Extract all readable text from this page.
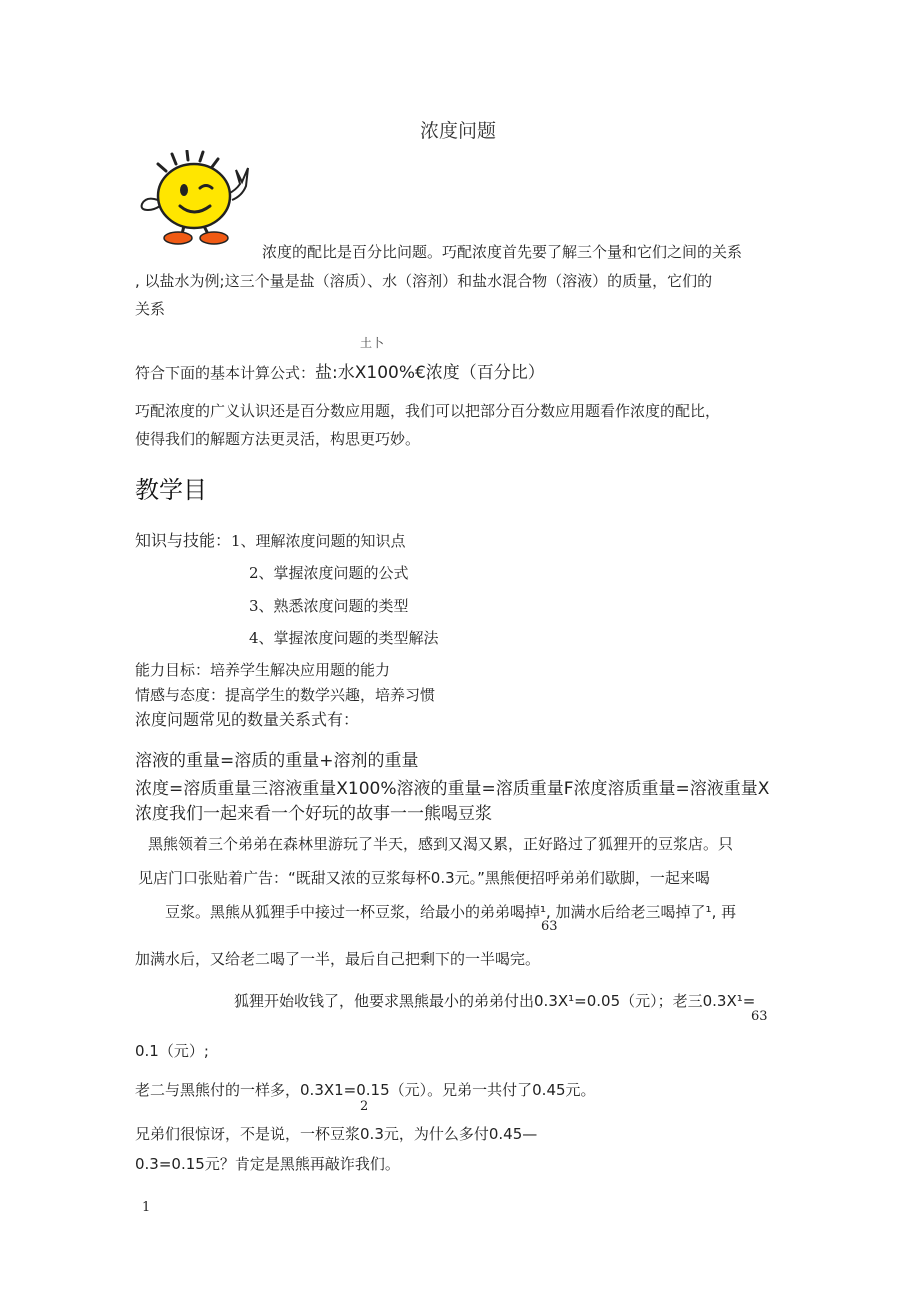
浓度问题
浓度的配比是百分比问题。巧配浓度首先要了解三个量和它们之间的关系
, 以盐水为例;这三个量是盐（溶质）、水（溶剂）和盐水混合物（溶液）的质量，它们的
关系
土卜
符合下面的基本计算公式：盐:水X100%€浓度（百分比）
巧配浓度的广义认识还是百分数应用题，我们可以把部分百分数应用题看作浓度的配比，
使得我们的解题方法更灵活，构思更巧妙。
教学目
知识与技能：1、理解浓度问题的知识点
2、掌握浓度问题的公式
3、熟悉浓度问题的类型
4、掌握浓度问题的类型解法
能力目标：培养学生解决应用题的能力
情感与态度：提高学生的数学兴趣，培养习惯
浓度问题常见的数量关系式有：
溶液的重量=溶质的重量+溶剂的重量
浓度=溶质重量三溶液重量X100%溶液的重量=溶质重量F浓度溶质重量=溶液重量X
浓度我们一起来看一个好玩的故事一一熊喝豆浆
黑熊领着三个弟弟在森林里游玩了半天，感到又渴又累，正好路过了狐狸开的豆浆店。只
见店门口张贴着广告：“既甜又浓的豆浆每杯0.3元。”黑熊便招呼弟弟们歇脚，一起来喝
豆浆。黑熊从狐狸手中接过一杯豆浆，给最小的弟弟喝掉¹, 加满水后给老三喝掉了¹, 再
63
加满水后，又给老二喝了一半，最后自己把剩下的一半喝完。
狐狸开始收钱了，他要求黑熊最小的弟弟付出0.3X¹=0.05（元）；老三0.3X¹=
63
0.1（元）;
老二与黑熊付的一样多，0.3X1=0.15（元）。兄弟一共付了0.45元。
2
兄弟们很惊讶，不是说，一杯豆浆0.3元，为什么多付0.45—
0.3=0.15元？肯定是黑熊再敲诈我们。
1
